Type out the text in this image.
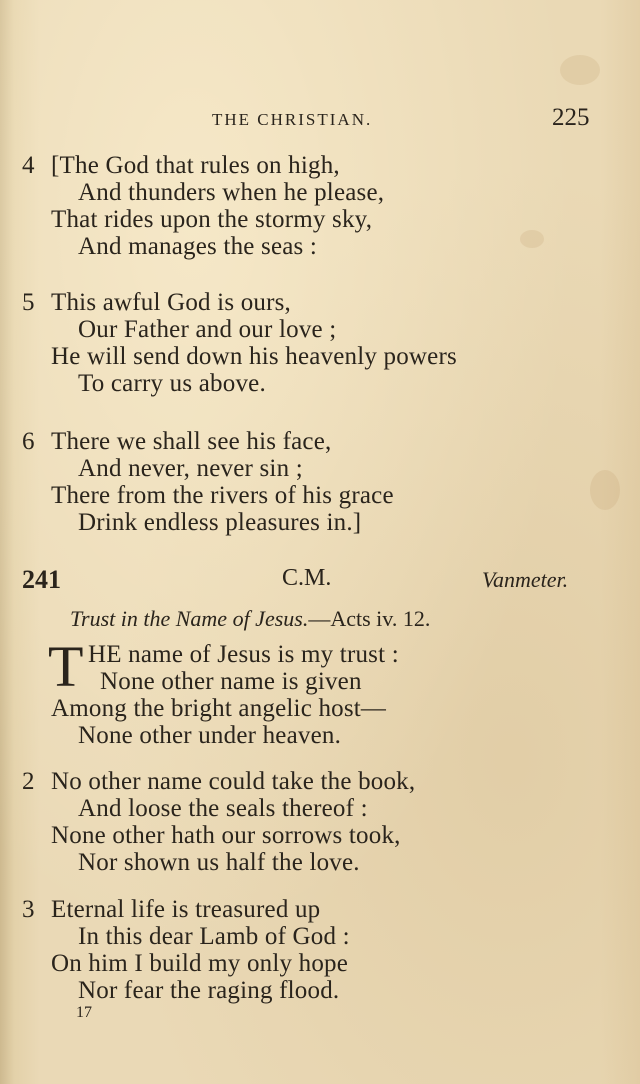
THE CHRISTIAN.	225
4 [The God that rules on high,
And thunders when he please,
That rides upon the stormy sky,
And manages the seas :
5 This awful God is ours,
Our Father and our love ;
He will send down his heavenly powers
To carry us above.
6 There we shall see his face,
And never, never sin ;
There from the rivers of his grace
Drink endless pleasures in.]
241	C.M.	Vanmeter.
Trust in the Name of Jesus.—Acts iv. 12.
T HE name of Jesus is my trust :
None other name is given
Among the bright angelic host—
None other under heaven.
2 No other name could take the book,
And loose the seals thereof :
None other hath our sorrows took,
Nor shown us half the love.
3 Eternal life is treasured up
In this dear Lamb of God :
On him I build my only hope
Nor fear the raging flood.
17
